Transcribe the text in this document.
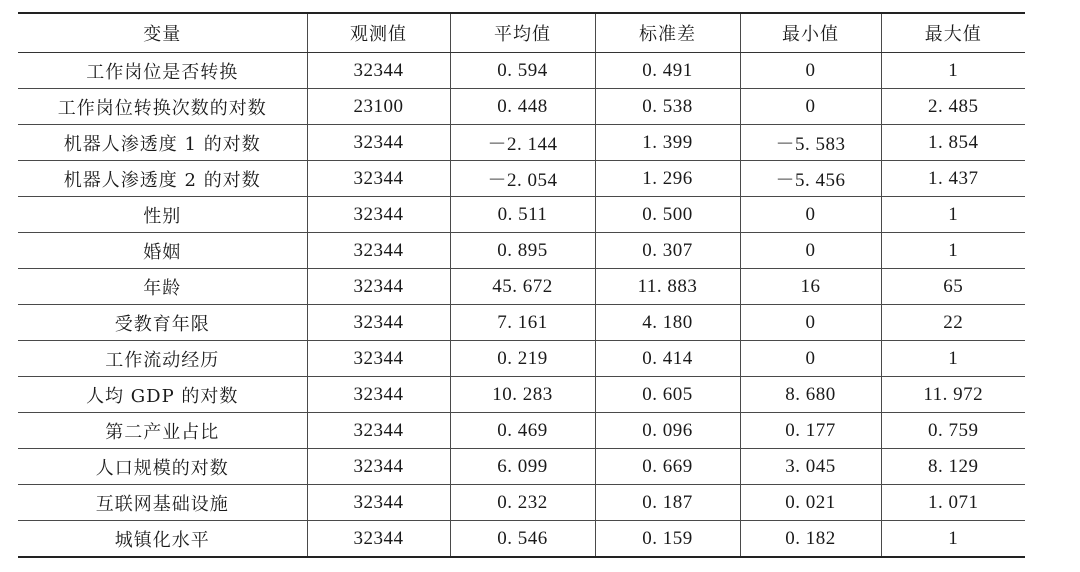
变量	观测值	平均值	标准差	最小值	最大值
工作岗位是否转换	32344	0. 594	0. 491	0	1
工作岗位转换次数的对数	23100	0. 448	0. 538	0	2. 485
机器人渗透度 1 的对数	32344	－2. 144	1. 399	－5. 583	1. 854
机器人渗透度 2 的对数	32344	－2. 054	1. 296	－5. 456	1. 437
性别	32344	0. 511	0. 500	0	1
婚姻	32344	0. 895	0. 307	0	1
年龄	32344	45. 672	11. 883	16	65
受教育年限	32344	7. 161	4. 180	0	22
工作流动经历	32344	0. 219	0. 414	0	1
人均 GDP 的对数	32344	10. 283	0. 605	8. 680	11. 972
第二产业占比	32344	0. 469	0. 096	0. 177	0. 759
人口规模的对数	32344	6. 099	0. 669	3. 045	8. 129
互联网基础设施	32344	0. 232	0. 187	0. 021	1. 071
城镇化水平	32344	0. 546	0. 159	0. 182	1
